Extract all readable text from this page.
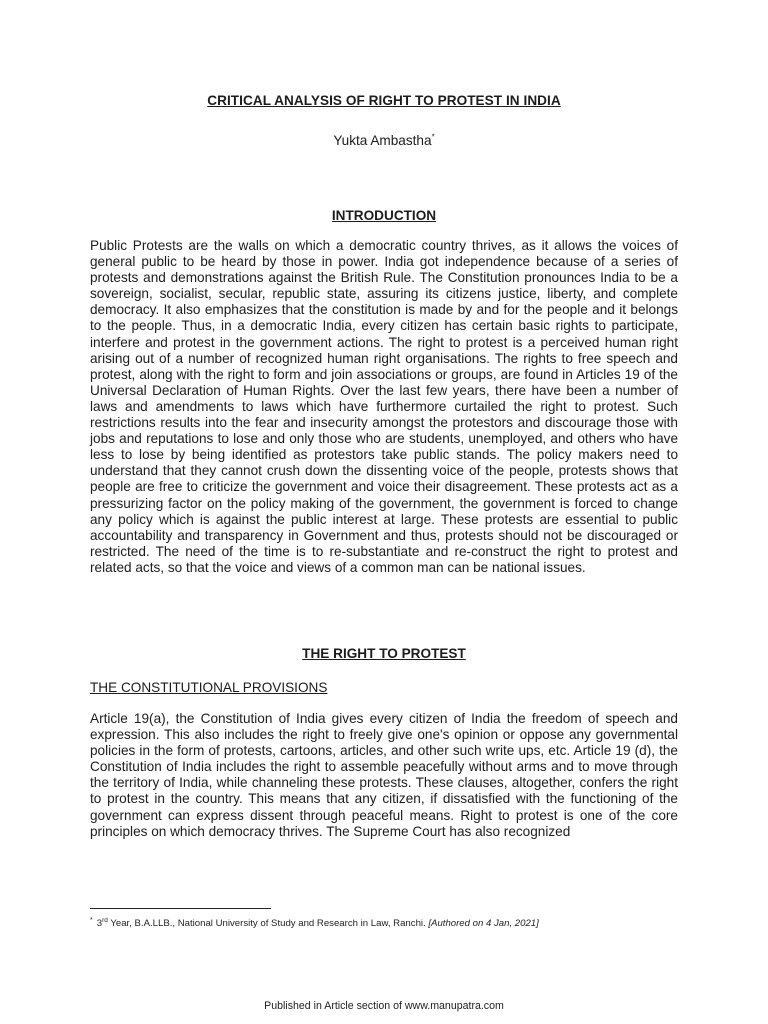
CRITICAL ANALYSIS OF RIGHT TO PROTEST IN INDIA
Yukta Ambastha*
INTRODUCTION
Public Protests are the walls on which a democratic country thrives, as it allows the voices of general public to be heard by those in power. India got independence because of a series of protests and demonstrations against the British Rule. The Constitution pronounces India to be a sovereign, socialist, secular, republic state, assuring its citizens justice, liberty, and complete democracy. It also emphasizes that the constitution is made by and for the people and it belongs to the people. Thus, in a democratic India, every citizen has certain basic rights to participate, interfere and protest in the government actions. The right to protest is a perceived human right arising out of a number of recognized human right organisations. The rights to free speech and protest, along with the right to form and join associations or groups, are found in Articles 19 of the Universal Declaration of Human Rights. Over the last few years, there have been a number of laws and amendments to laws which have furthermore curtailed the right to protest. Such restrictions results into the fear and insecurity amongst the protestors and discourage those with jobs and reputations to lose and only those who are students, unemployed, and others who have less to lose by being identified as protestors take public stands. The policy makers need to understand that they cannot crush down the dissenting voice of the people, protests shows that people are free to criticize the government and voice their disagreement. These protests act as a pressurizing factor on the policy making of the government, the government is forced to change any policy which is against the public interest at large. These protests are essential to public accountability and transparency in Government and thus, protests should not be discouraged or restricted. The need of the time is to re-substantiate and re-construct the right to protest and related acts, so that the voice and views of a common man can be national issues.
THE RIGHT TO PROTEST
THE CONSTITUTIONAL PROVISIONS
Article 19(a), the Constitution of India gives every citizen of India the freedom of speech and expression. This also includes the right to freely give one's opinion or oppose any governmental policies in the form of protests, cartoons, articles, and other such write ups, etc. Article 19 (d), the Constitution of India includes the right to assemble peacefully without arms and to move through the territory of India, while channeling these protests. These clauses, altogether, confers the right to protest in the country. This means that any citizen, if dissatisfied with the functioning of the government can express dissent through peaceful means. Right to protest is one of the core principles on which democracy thrives. The Supreme Court has also recognized
* 3rd Year, B.A.LLB., National University of Study and Research in Law, Ranchi. [Authored on 4 Jan, 2021]
Published in Article section of www.manupatra.com
